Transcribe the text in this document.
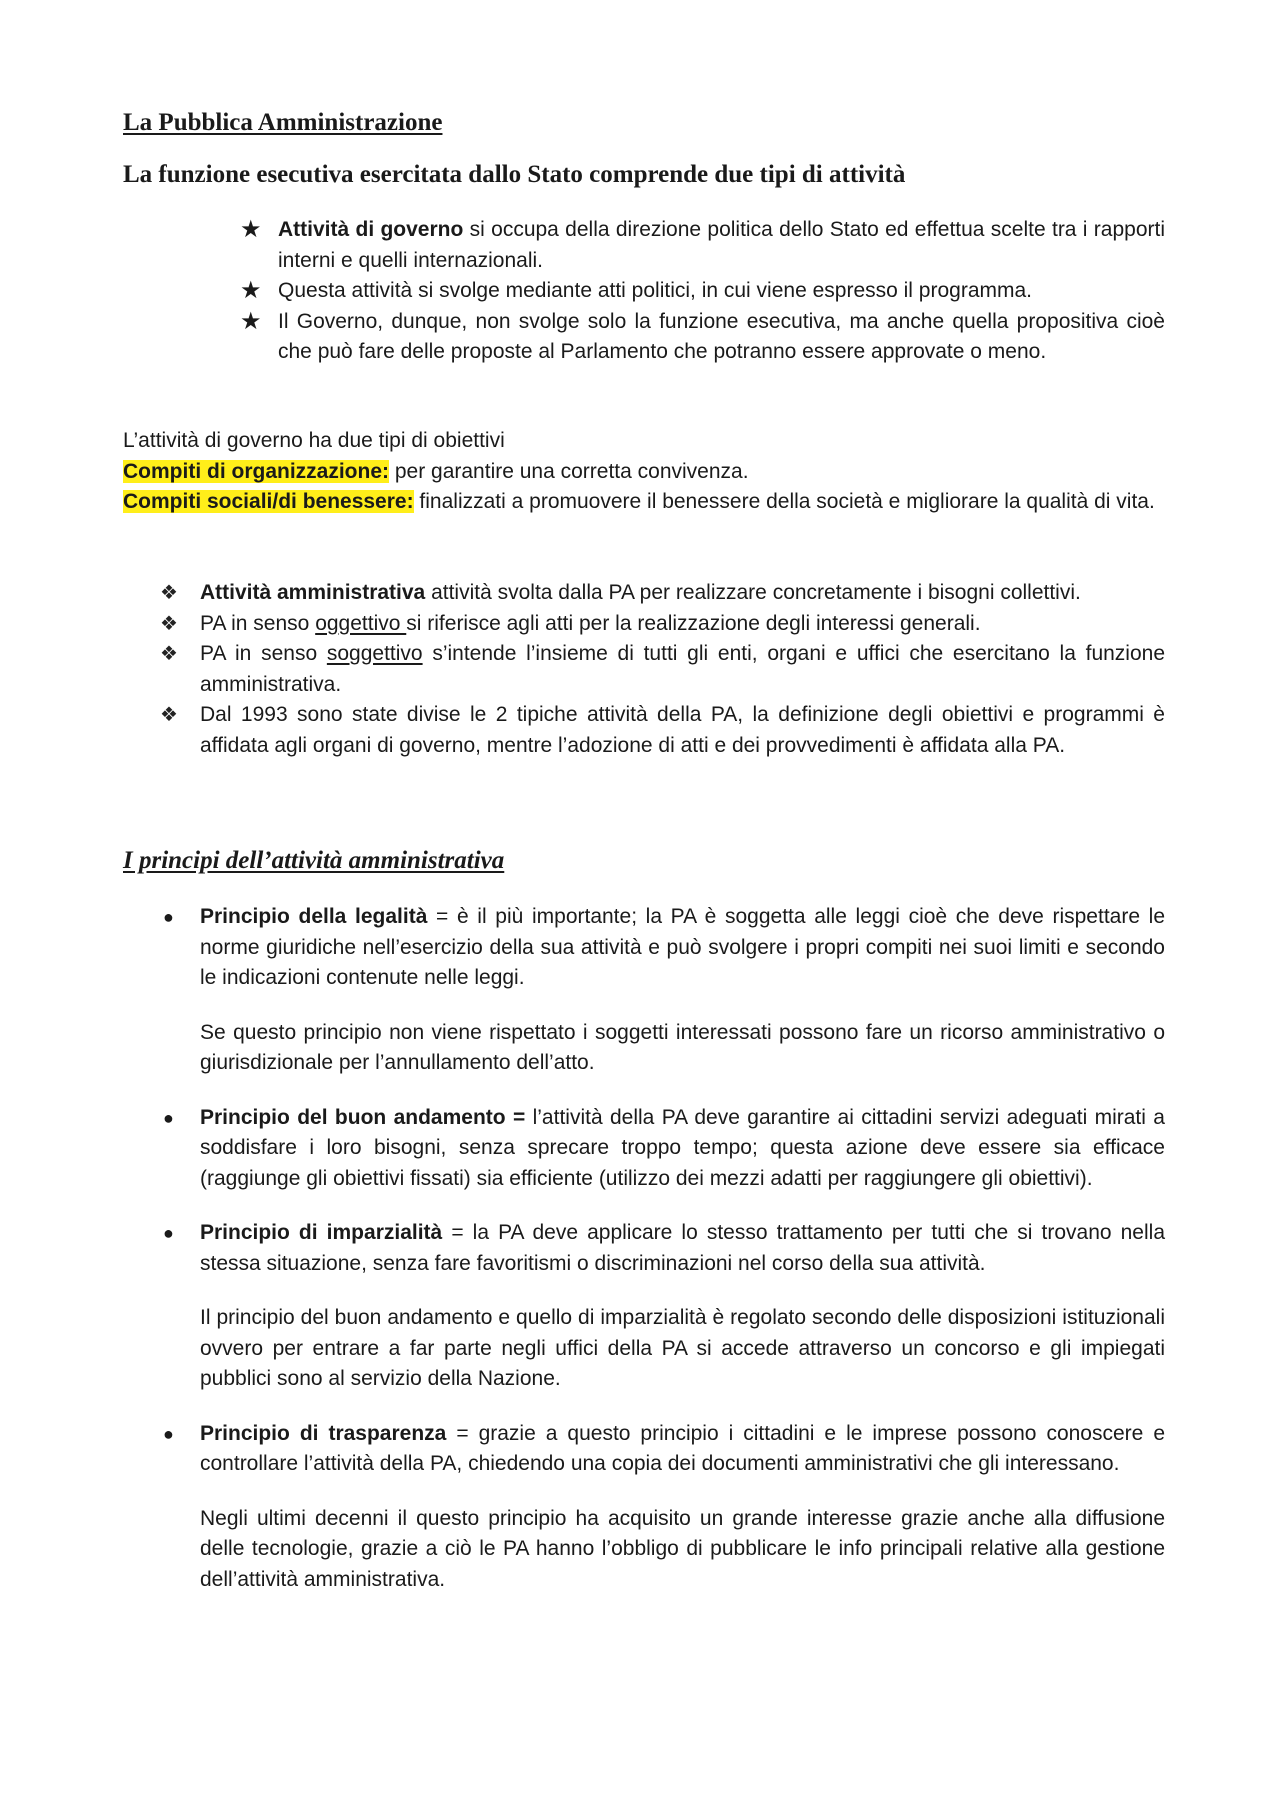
La Pubblica Amministrazione
La funzione esecutiva esercitata dallo Stato comprende due tipi di attività
★ Attività di governo si occupa della direzione politica dello Stato ed effettua scelte tra i rapporti interni e quelli internazionali.
★ Questa attività si svolge mediante atti politici, in cui viene espresso il programma.
★ Il Governo, dunque, non svolge solo la funzione esecutiva, ma anche quella propositiva cioè che può fare delle proposte al Parlamento che potranno essere approvate o meno.

L’attività di governo ha due tipi di obiettivi

Compiti di organizzazione: per garantire una corretta convivenza.

Compiti sociali/di benessere: finalizzati a promuovere il benessere della società e migliorare la qualità di vita.

❖ Attività amministrativa attività svolta dalla PA per realizzare concretamente i bisogni collettivi.
❖ PA in senso oggettivo si riferisce agli atti per la realizzazione degli interessi generali.
❖ PA in senso soggettivo s’intende l’insieme di tutti gli enti, organi e uffici che esercitano la funzione amministrativa.
❖ Dal 1993 sono state divise le 2 tipiche attività della PA, la definizione degli obiettivi e programmi è affidata agli organi di governo, mentre l’adozione di atti e dei provvedimenti è affidata alla PA.
I principi dell’attività amministrativa
● Principio della legalità = è il più importante; la PA è soggetta alle leggi cioè che deve rispettare le norme giuridiche nell’esercizio della sua attività e può svolgere i propri compiti nei suoi limiti e secondo le indicazioni contenute nelle leggi.

Se questo principio non viene rispettato i soggetti interessati possono fare un ricorso amministrativo o giurisdizionale per l’annullamento dell’atto.

● Principio del buon andamento = l’attività della PA deve garantire ai cittadini servizi adeguati mirati a soddisfare i loro bisogni, senza sprecare troppo tempo; questa azione deve essere sia efficace (raggiunge gli obiettivi fissati) sia efficiente (utilizzo dei mezzi adatti per raggiungere gli obiettivi).
● Principio di imparzialità = la PA deve applicare lo stesso trattamento per tutti che si trovano nella stessa situazione, senza fare favoritismi o discriminazioni nel corso della sua attività.

Il principio del buon andamento e quello di imparzialità è regolato secondo delle disposizioni istituzionali ovvero per entrare a far parte negli uffici della PA si accede attraverso un concorso e gli impiegati pubblici sono al servizio della Nazione.

● Principio di trasparenza = grazie a questo principio i cittadini e le imprese possono conoscere e controllare l’attività della PA, chiedendo una copia dei documenti amministrativi che gli interessano.

Negli ultimi decenni il questo principio ha acquisito un grande interesse grazie anche alla diffusione delle tecnologie, grazie a ciò le PA hanno l’obbligo di pubblicare le info principali relative alla gestione dell’attività amministrativa.
